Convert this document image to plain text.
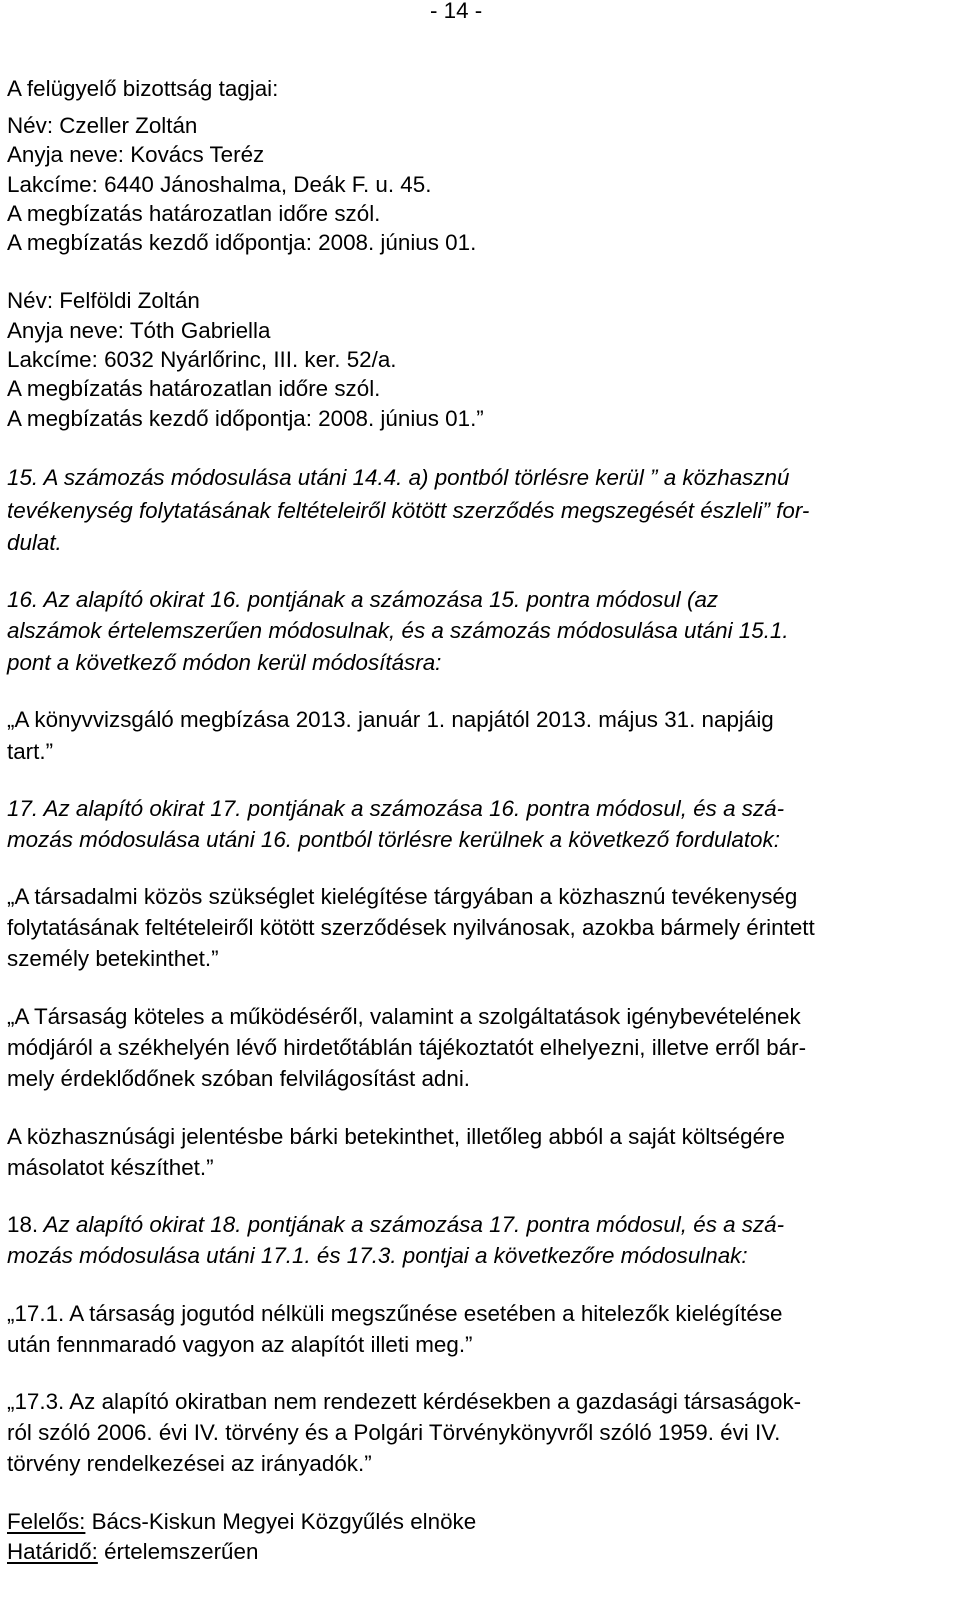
- 14 -
A felügyelő bizottság tagjai:
Név: Czeller Zoltán
Anyja neve: Kovács Teréz
Lakcíme: 6440 Jánoshalma, Deák F. u. 45.
A megbízatás határozatlan időre szól.
A megbízatás kezdő időpontja: 2008. június 01.
Név: Felföldi Zoltán
Anyja neve: Tóth Gabriella
Lakcíme: 6032 Nyárlőrinc, III. ker. 52/a.
A megbízatás határozatlan időre szól.
A megbízatás kezdő időpontja: 2008. június 01.”
15. A számozás módosulása utáni 14.4. a) pontból törlésre kerül ” a közhasznú
tevékenység folytatásának feltételeiről kötött szerződés megszegését észleli” for-
dulat.
16. Az alapító okirat 16. pontjának a számozása 15. pontra módosul (az
alszámok értelemszerűen módosulnak, és a számozás módosulása utáni 15.1.
pont a következő módon kerül módosításra:
„A könyvvizsgáló megbízása 2013. január 1. napjától 2013. május 31. napjáig
tart.”
17. Az alapító okirat 17. pontjának a számozása 16. pontra módosul, és a szá-
mozás módosulása utáni 16. pontból törlésre kerülnek a következő fordulatok:
„A társadalmi közös szükséglet kielégítése tárgyában a közhasznú tevékenység
folytatásának feltételeiről kötött szerződések nyilvánosak, azokba bármely érintett
személy betekinthet.”
„A Társaság köteles a működéséről, valamint a szolgáltatások igénybevételének
módjáról a székhelyén lévő hirdetőtáblán tájékoztatót elhelyezni, illetve erről bár-
mely érdeklődőnek szóban felvilágosítást adni.
A közhasznúsági jelentésbe bárki betekinthet, illetőleg abból a saját költségére
másolatot készíthet.”
18. Az alapító okirat 18. pontjának a számozása 17. pontra módosul, és a szá-
mozás módosulása utáni 17.1. és 17.3. pontjai a következőre módosulnak:
„17.1. A társaság jogutód nélküli megszűnése esetében a hitelezők kielégítése
után fennmaradó vagyon az alapítót illeti meg.”
„17.3. Az alapító okiratban nem rendezett kérdésekben a gazdasági társaságok-
ról szóló 2006. évi IV. törvény és a Polgári Törvénykönyvről szóló 1959. évi IV.
törvény rendelkezései az irányadók.”
Felelős: Bács-Kiskun Megyei Közgyűlés elnöke
Határidő: értelemszerűen
